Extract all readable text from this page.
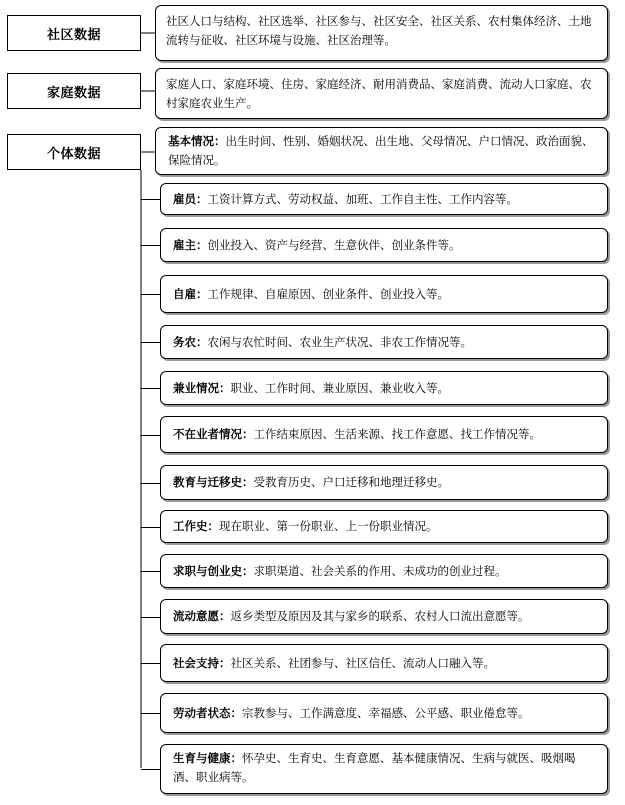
社区数据
社区人口与结构、社区选举、社区参与、社区安全、社区关系、农村集体经济、土地流转与征收、社区环境与设施、社区治理等。
家庭数据
家庭人口、家庭环境、住房、家庭经济、耐用消费品、家庭消费、流动人口家庭、农村家庭农业生产。
个体数据
基本情况：出生时间、性别、婚姻状况、出生地、父母情况、户口情况、政治面貌、保险情况。
雇员：工资计算方式、劳动权益、加班、工作自主性、工作内容等。
雇主：创业投入、资产与经营、生意伙伴、创业条件等。
自雇：工作规律、自雇原因、创业条件、创业投入等。
务农：农闲与农忙时间、农业生产状况、非农工作情况等。
兼业情况：职业、工作时间、兼业原因、兼业收入等。
不在业者情况：工作结束原因、生活来源、找工作意愿、找工作情况等。
教育与迁移史：受教育历史、户口迁移和地理迁移史。
工作史：现在职业、第一份职业、上一份职业情况。
求职与创业史：求职渠道、社会关系的作用、未成功的创业过程。
流动意愿：返乡类型及原因及其与家乡的联系、农村人口流出意愿等。
社会支持：社区关系、社团参与、社区信任、流动人口融入等。
劳动者状态：宗教参与、工作满意度、幸福感、公平感、职业倦怠等。
生育与健康：怀孕史、生育史、生育意愿、基本健康情况、生病与就医、吸烟喝酒、职业病等。
